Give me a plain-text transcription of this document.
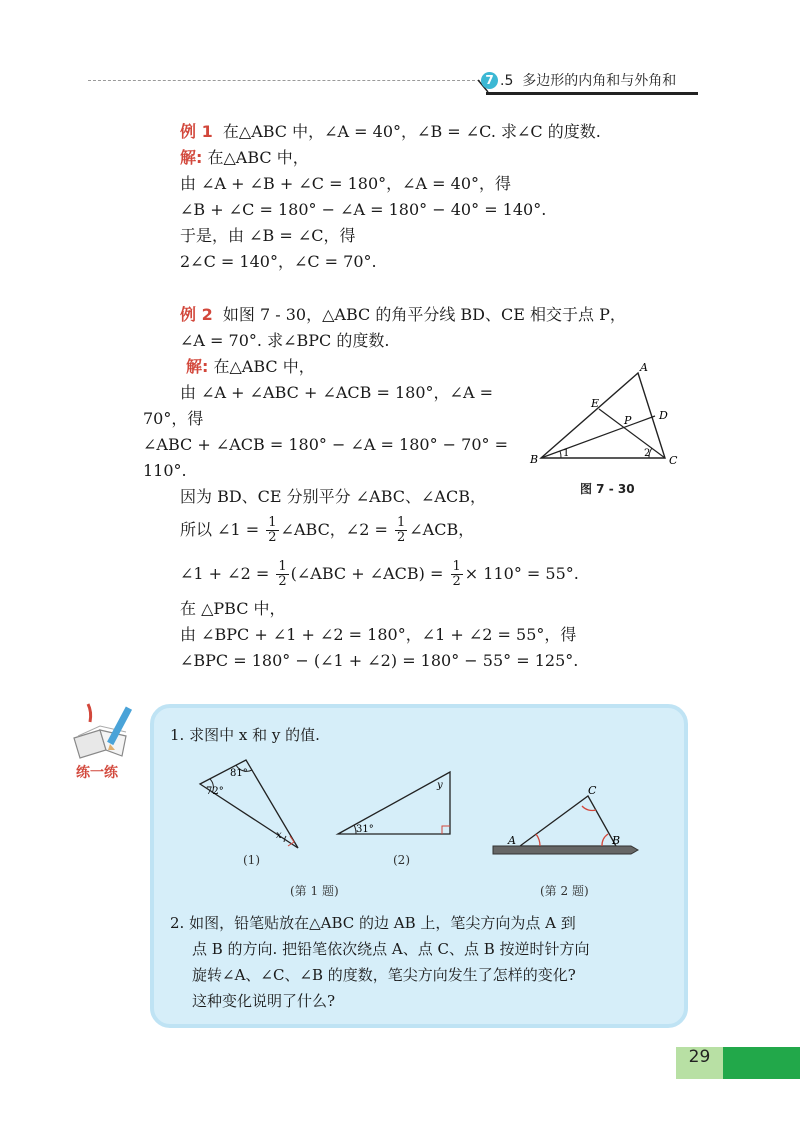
7 .5 多边形的内角和与外角和
例 1 在△ABC 中，∠A = 40°，∠B = ∠C. 求∠C 的度数.
解: 在△ABC 中，
由 ∠A + ∠B + ∠C = 180°，∠A = 40°，得
∠B + ∠C = 180° − ∠A = 180° − 40° = 140°.
于是，由 ∠B = ∠C，得
2∠C = 140°，∠C = 70°.
例 2 如图 7 - 30，△ABC 的角平分线 BD、CE 相交于点 P，
∠A = 70°. 求∠BPC 的度数.
解: 在△ABC 中，
由 ∠A + ∠ABC + ∠ACB = 180°，∠A =
70°，得
∠ABC + ∠ACB = 180° − ∠A = 180° − 70° =
110°.
因为 BD、CE 分别平分 ∠ABC、∠ACB，
所以 ∠1 = $\frac{1}{2}$ ∠ABC，∠2 = $\frac{1}{2}$ ∠ACB，
∠1 + ∠2 = $\frac{1}{2}$ (∠ABC + ∠ACB) = $\frac{1}{2} \times 110^\circ = 55^\circ$.
在 △PBC 中，
由 ∠BPC + ∠1 + ∠2 = 180°，∠1 + ∠2 = 55°，得
∠BPC = 180° − (∠1 + ∠2) = 180° − 55° = 125°.
A
B	C
D
E
P
1	2
图 7 - 30
练一练
1. 求图中 x 和 y 的值.
72°
81°
x
(1)
31°
y
(2)
(第 1 题)
A	B
C
(第 2 题)
2. 如图，铅笔贴放在△ABC 的边 AB 上，笔尖方向为点 A 到
点 B 的方向. 把铅笔依次绕点 A、点 C、点 B 按逆时针方向
旋转∠A、∠C、∠B 的度数，笔尖方向发生了怎样的变化?
这种变化说明了什么?
29
